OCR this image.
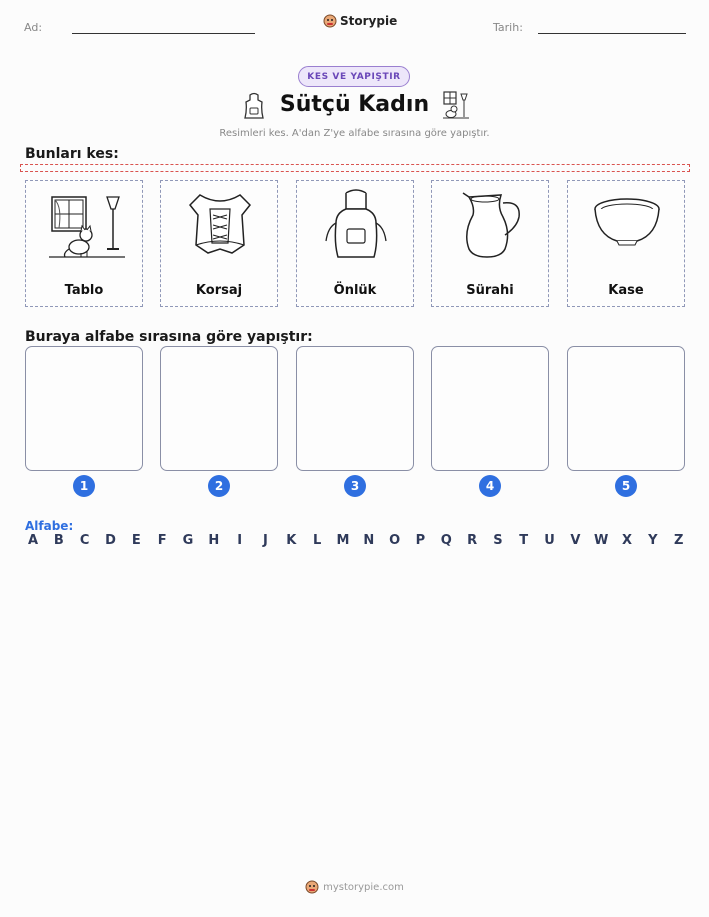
Ad:	Storypie	Tarih:
KES VE YAPIŞTIR
Sütçü Kadın
Resimleri kes. A'dan Z'ye alfabe sırasına göre yapıştır.
Bunları kes:
Tablo	Korsaj	Önlük	Sürahi	Kase
Buraya alfabe sırasına göre yapıştır:
1	2	3	4	5
Alfabe:
A B C D E F G H	I	J	K L M N O P Q R S T U V W X Y Z
mystorypie.com
